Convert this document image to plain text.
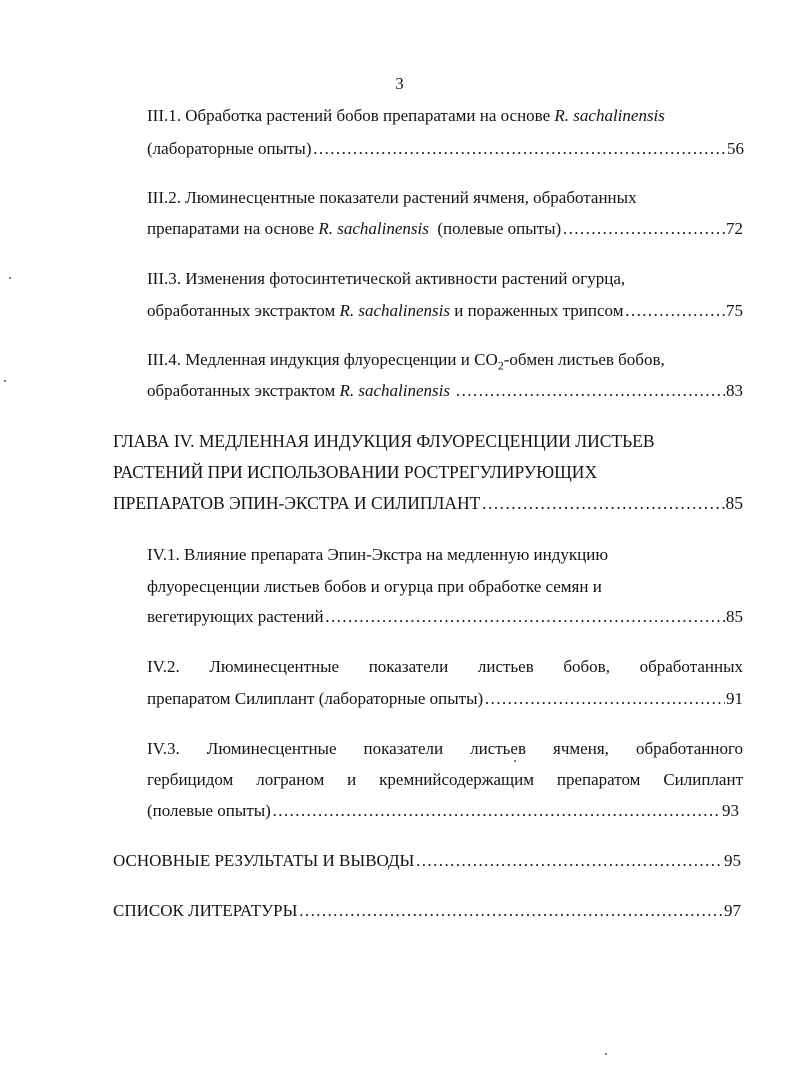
3
III.1. Обработка растений бобов препаратами на основе R. sachalinensis
(лабораторные опыты) …………………………………………………………………………………………………………………………………………………………	56
III.2. Люминесцентные показатели растений ячменя, обработанных
препаратами на основе R. sachalinensis  (полевые опыты) …………………………………………………………………………………………………………………………………………………………	72
III.3. Изменения фотосинтетической активности растений огурца,
обработанных экстрактом R. sachalinensis и пораженных трипсом …………………………………………………………………………………………………………………………………………………………	75
III.4. Медленная индукция флуоресценции и $CO_2$-обмен листьев бобов,
обработанных экстрактом R. sachalinensis …………………………………………………………………………………………………………………………………………………………	83
ГЛАВА IV. МЕДЛЕННАЯ ИНДУКЦИЯ ФЛУОРЕСЦЕНЦИИ ЛИСТЬЕВ
РАСТЕНИЙ ПРИ ИСПОЛЬЗОВАНИИ РОСТРЕГУЛИРУЮЩИХ
ПРЕПАРАТОВ ЭПИН-ЭКСТРА И СИЛИПЛАНТ …………………………………………………………………………………………………………………………………………………………	85
IV.1. Влияние препарата Эпин-Экстра на медленную индукцию
флуоресценции листьев бобов и огурца при обработке семян и
вегетирующих растений …………………………………………………………………………………………………………………………………………………………	85
IV.2. Люминесцентные показатели листьев бобов, обработанных
препаратом Силиплант (лабораторные опыты) …………………………………………………………………………………………………………………………………………………………	91
IV.3. Люминесцентные показатели листьев ячменя, обработанного
гербицидом лограном и кремнийсодержащим препаратом Силиплант
(полевые опыты) …………………………………………………………………………………………………………………………………………………………	93
ОСНОВНЫЕ РЕЗУЛЬТАТЫ И ВЫВОДЫ …………………………………………………………………………………………………………………………………………………………	95
СПИСОК ЛИТЕРАТУРЫ …………………………………………………………………………………………………………………………………………………………	97
